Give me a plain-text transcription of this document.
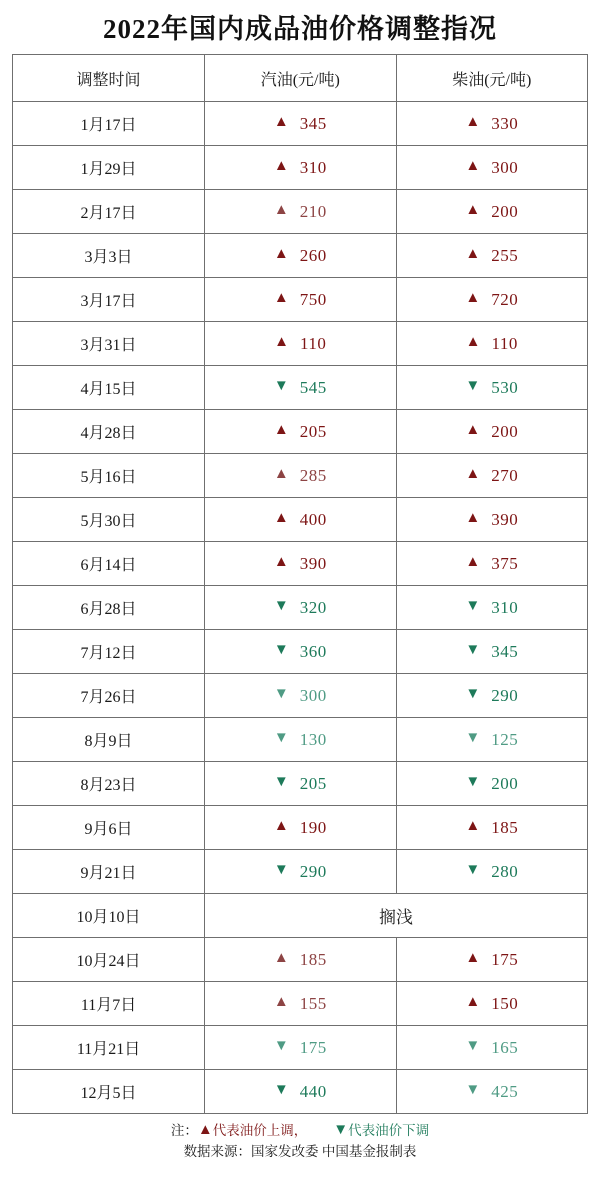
2022年国内成品油价格调整指况
调整时间	汽油(元/吨)	柴油(元/吨)
1月17日	▲ 345	▲ 330

1月29日	▲ 310	▲ 300

2月17日	▲ 210	▲ 200

3月3日	▲ 260	▲ 255

3月17日	▲ 750	▲ 720

3月31日	▲ 110	▲ 110

4月15日	▼ 545	▼ 530

4月28日	▲ 205	▲ 200

5月16日	▲ 285	▲ 270

5月30日	▲ 400	▲ 390

6月14日	▲ 390	▲ 375

6月28日	▼ 320	▼ 310

7月12日	▼ 360	▼ 345

7月26日	▼ 300	▼ 290

8月9日	▼ 130	▼ 125

8月23日	▼ 205	▼ 200

9月6日	▲ 190	▲ 185

9月21日	▼ 290	▼ 280

10月10日	搁浅	
10月24日	▲ 185	▲ 175

11月7日	▲ 155	▲ 150

11月21日	▼ 175	▼ 165

12月5日	▼ 440	▼ 425
注：▲代表油价上调， ▼代表油价下调
数据来源：国家发改委 中国基金报制表
